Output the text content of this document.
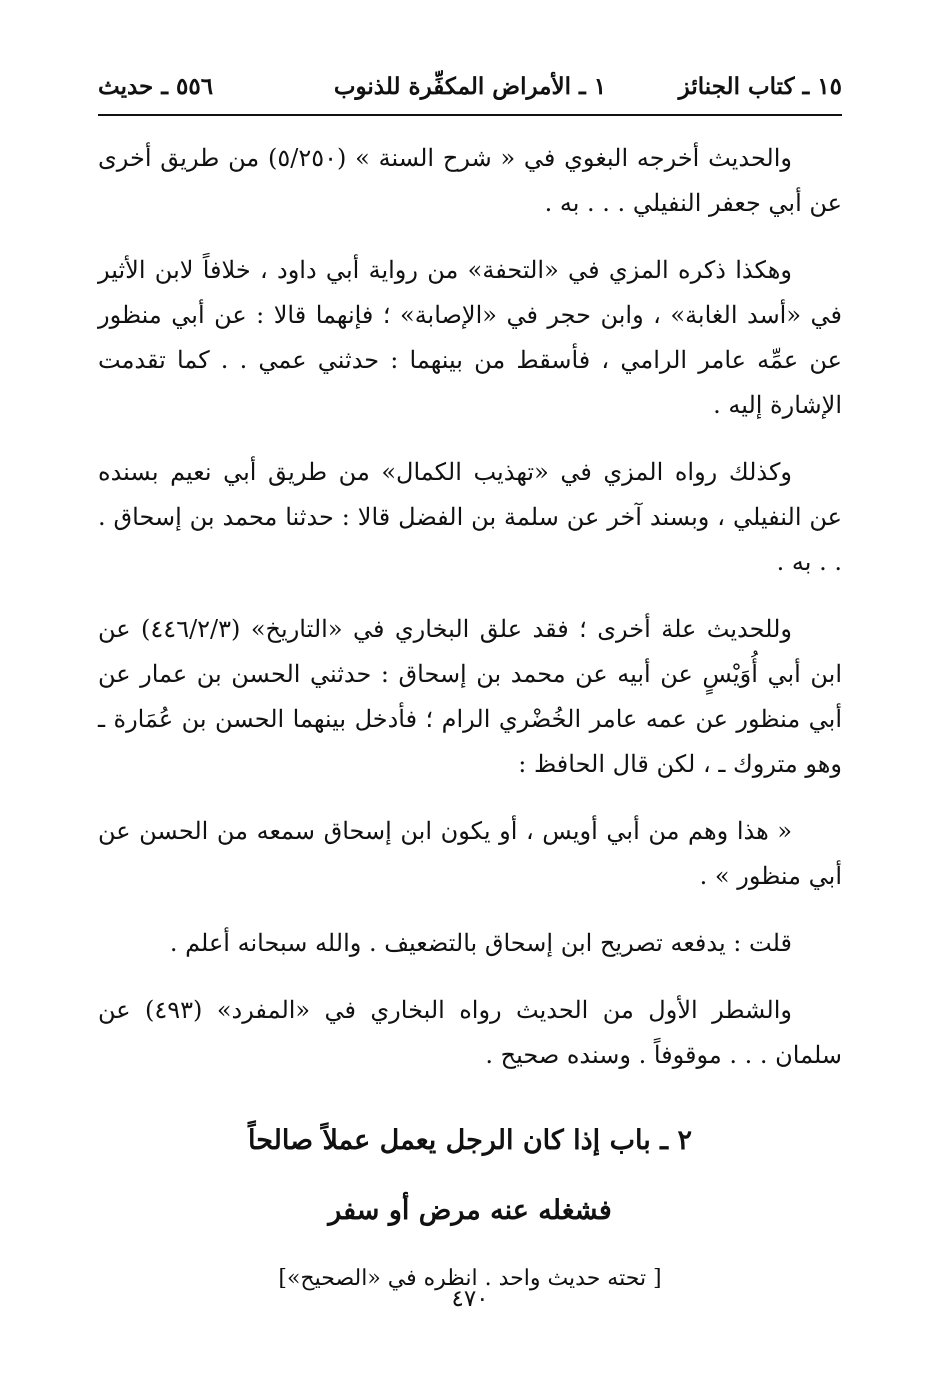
١٥ ـ كتاب الجنائز
١ ـ الأمراض المكفِّرة للذنوب
٥٥٦ ـ حديث

والحديث أخرجه البغوي في « شرح السنة » (٥/٢٥٠) من طريق أخرى عن أبي جعفر النفيلي . . . به .

وهكذا ذكره المزي في «التحفة» من رواية أبي داود ، خلافاً لابن الأثير في «أسد الغابة» ، وابن حجر في «الإصابة» ؛ فإنهما قالا : عن أبي منظور عن عمِّه عامر الرامي ، فأسقط من بينهما : حدثني عمي . . كما تقدمت الإشارة إليه .

وكذلك رواه المزي في «تهذيب الكمال» من طريق أبي نعيم بسنده عن النفيلي ، وبسند آخر عن سلمة بن الفضل قالا : حدثنا محمد بن إسحاق . . . به .

وللحديث علة أخرى ؛ فقد علق البخاري في «التاريخ» (٤٤٦/٢/٣) عن ابن أبي أُوَيْسٍ عن أبيه عن محمد بن إسحاق : حدثني الحسن بن عمار عن أبي منظور عن عمه عامر الخُضْري الرام ؛ فأدخل بينهما الحسن بن عُمَارة ـ وهو متروك ـ ، لكن قال الحافظ :

« هذا وهم من أبي أويس ، أو يكون ابن إسحاق سمعه من الحسن عن أبي منظور » .

قلت : يدفعه تصريح ابن إسحاق بالتضعيف . والله سبحانه أعلم .

والشطر الأول من الحديث رواه البخاري في «المفرد» (٤٩٣) عن سلمان . . . موقوفاً . وسنده صحيح .

٢ ـ باب إذا كان الرجل يعمل عملاً صالحاً

فشغله عنه مرض أو سفر

[ تحته حديث واحد . انظره في «الصحيح»]
٤٧٠
